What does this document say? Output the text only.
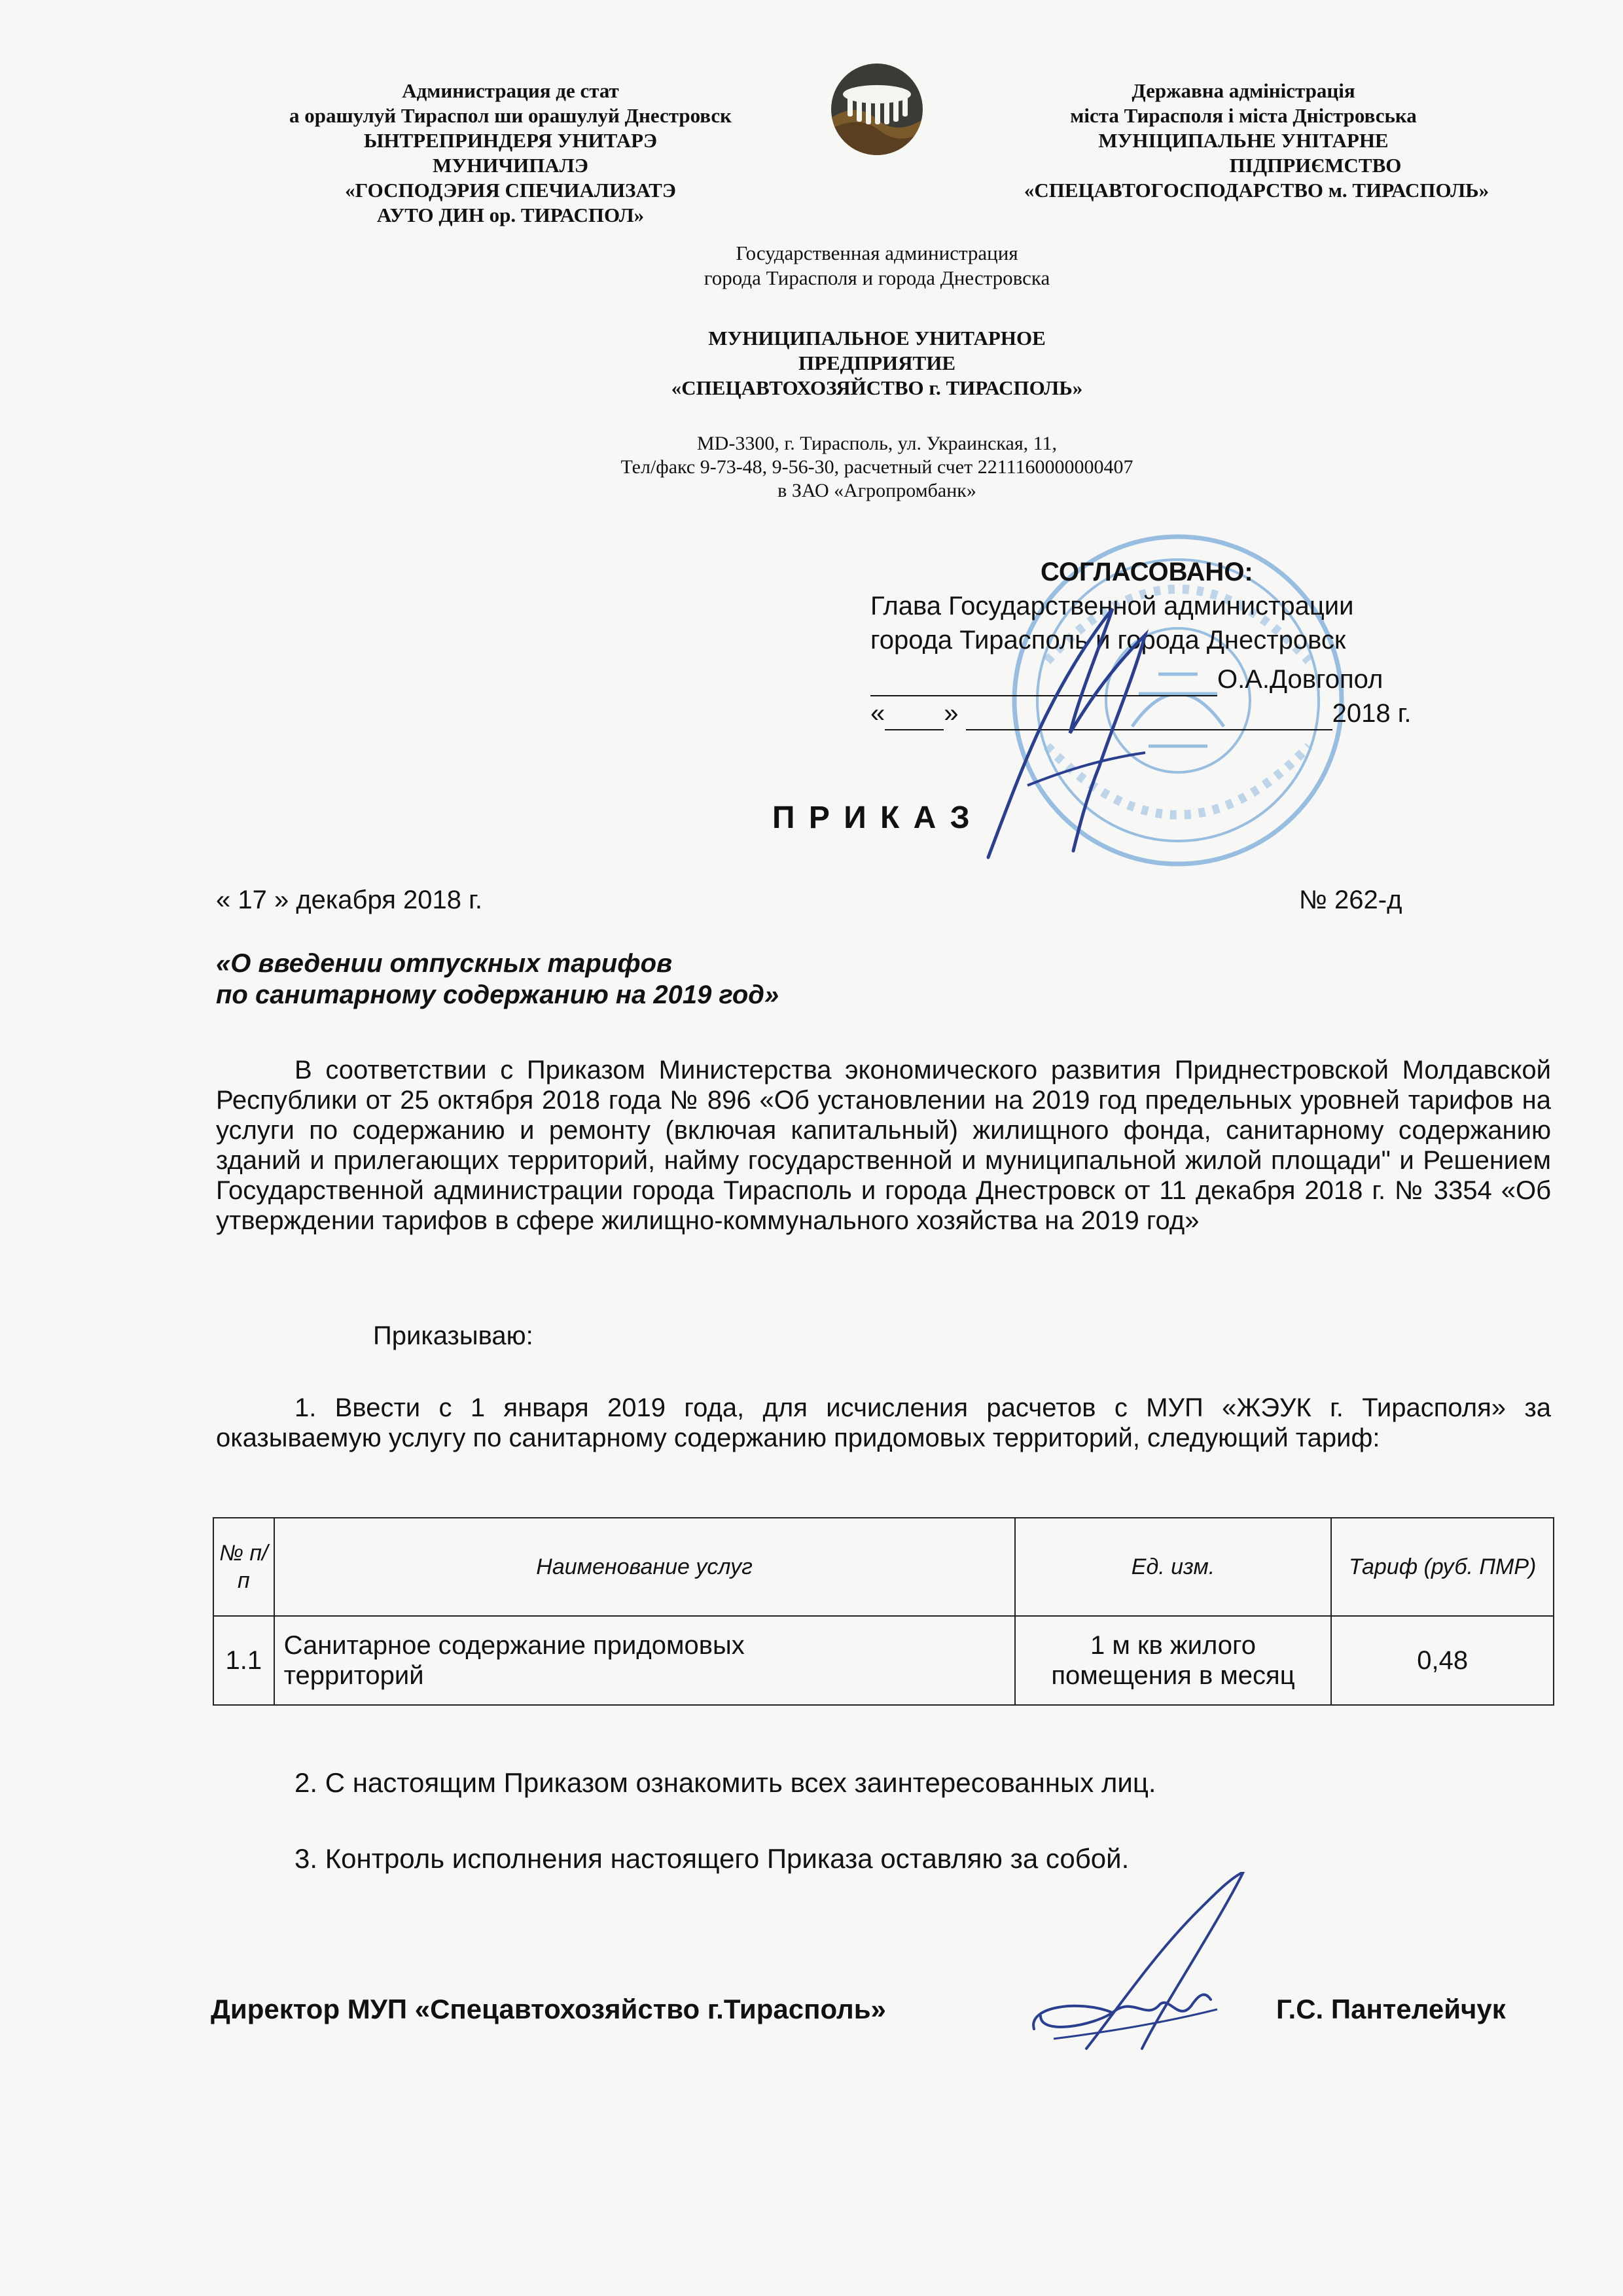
Администрация де стат
а орашулуй Тираспол ши орашулуй Днестровск
ЫНТРЕПРИНДЕРЯ УНИТАРЭ
МУНИЧИПАЛЭ
«ГОСПОДЭРИЯ СПЕЧИАЛИЗАТЭ
АУТО ДИН ор. ТИРАСПОЛ»
Державна адміністрація
міста Тирасполя і міста Дністровська
МУНІЦИПАЛЬНЕ УНІТАРНЕ
ПІДПРИЄМСТВО
«СПЕЦАВТОГОСПОДАРСТВО м. ТИРАСПОЛЬ»
Государственная администрация
города Тирасполя и города Днестровска
МУНИЦИПАЛЬНОЕ УНИТАРНОЕ
ПРЕДПРИЯТИЕ
«СПЕЦАВТОХОЗЯЙСТВО г. ТИРАСПОЛЬ»
MD-3300, г. Тирасполь, ул. Украинская, 11,
Тел/факс 9-73-48, 9-56-30, расчетный счет 2211160000000407
в ЗАО «Агропромбанк»
СОГЛАСОВАНО:
Глава Государственной администрации
города Тирасполь и города Днестровск
О.А.Довгопол
« »	2018 г.
П Р И К А З
« 17 » декабря 2018 г.	№ 262-д
«О введении отпускных тарифов
по санитарному содержанию на 2019 год»
В соответствии с Приказом Министерства экономического развития Приднестровской Молдавской Республики от 25 октября 2018 года № 896 «Об установлении на 2019 год предельных уровней тарифов на услуги по содержанию и ремонту (включая капитальный) жилищного фонда, санитарному содержанию зданий и прилегающих территорий, найму государственной и муниципальной жилой площади" и Решением Государственной администрации города Тирасполь и города Днестровск от 11 декабря 2018 г. № 3354 «Об утверждении тарифов в сфере жилищно-коммунального хозяйства на 2019 год»
Приказываю:
1. Ввести с 1 января 2019 года, для исчисления расчетов с МУП «ЖЭУК г. Тирасполя» за оказываемую услугу по санитарному содержанию придомовых территорий, следующий тариф:
№ п/п	Наименование услуг	Ед. изм.	Тариф (руб. ПМР)
1.1	Санитарное содержание придомовых территорий	1 м кв жилого помещения в месяц	0,48
2. С настоящим Приказом ознакомить всех заинтересованных лиц.
3. Контроль исполнения настоящего Приказа оставляю за собой.
Директор МУП «Спецавтохозяйство г.Тирасполь»	Г.С. Пантелейчук
